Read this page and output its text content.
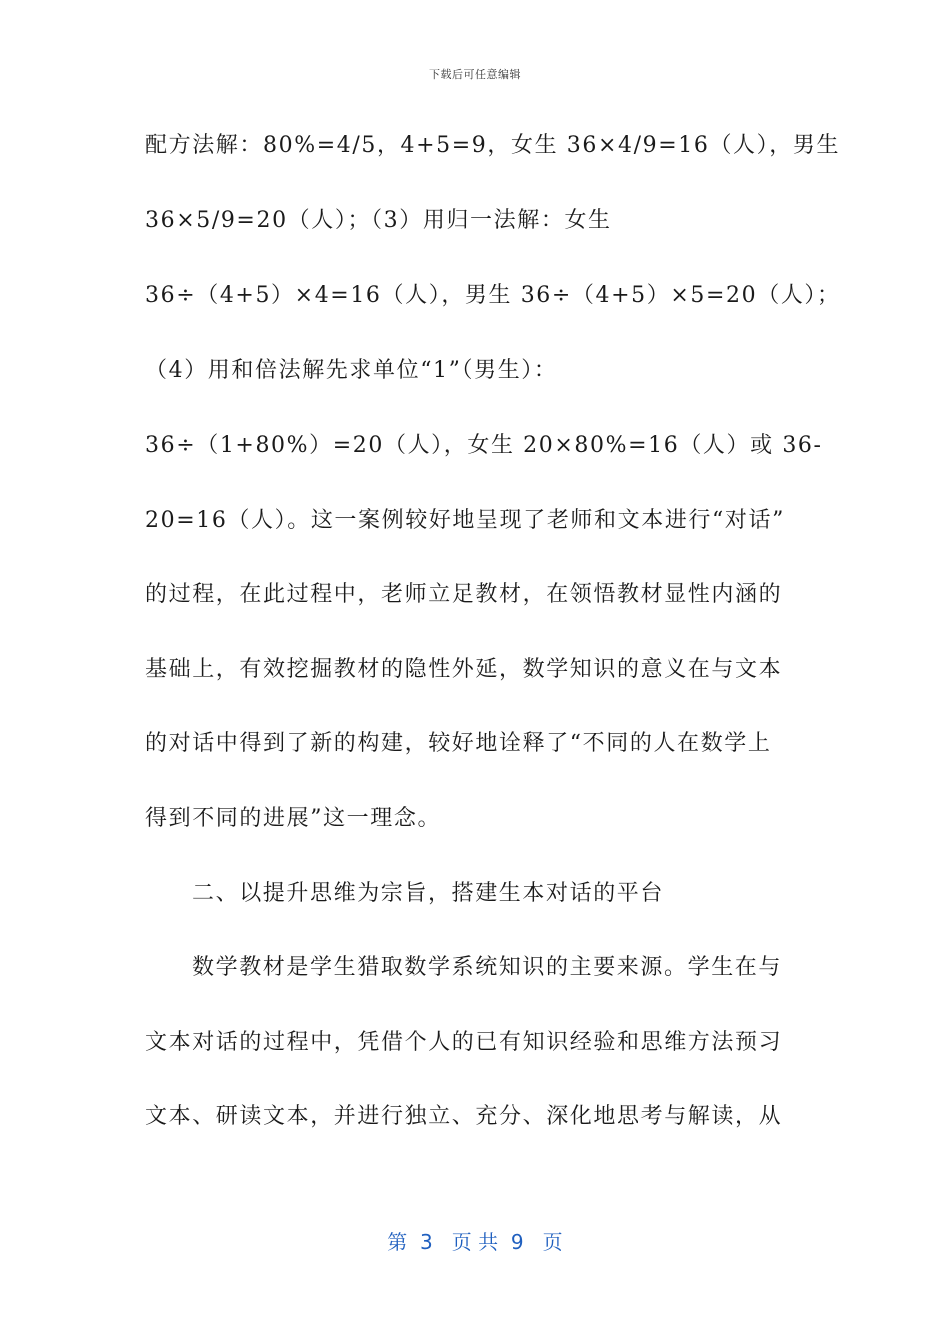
下载后可任意编辑
配方法解：80%=4/5，4+5=9，女生 36×4/9=16（人），男生
36×5/9=20（人）；（3）用归一法解：女生
36÷（4+5）×4=16（人），男生 36÷（4+5）×5=20（人）；
（4）用和倍法解先求单位“1”（男生）：
36÷（1+80%）=20（人），女生 20×80%=16（人）或 36-
20=16（人）。这一案例较好地呈现了老师和文本进行“对话”
的过程，在此过程中，老师立足教材，在领悟教材显性内涵的
基础上，有效挖掘教材的隐性外延，数学知识的意义在与文本
的对话中得到了新的构建，较好地诠释了“不同的人在数学上
得到不同的进展”这一理念。
二、以提升思维为宗旨，搭建生本对话的平台
数学教材是学生猎取数学系统知识的主要来源。学生在与
文本对话的过程中，凭借个人的已有知识经验和思维方法预习
文本、研读文本，并进行独立、充分、深化地思考与解读，从
第  3   页 共  9   页
